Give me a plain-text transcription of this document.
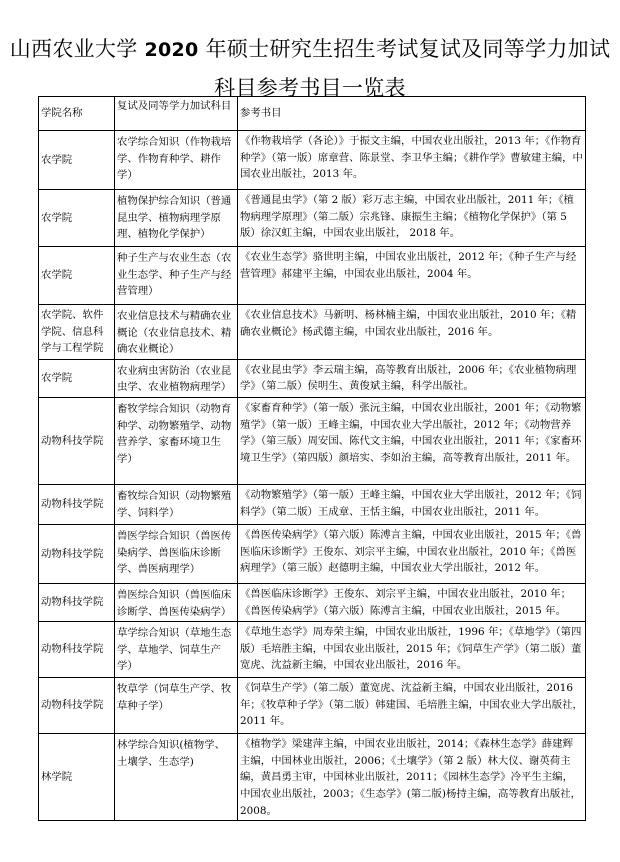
山西农业大学 2020 年硕士研究生招生考试复试及同等学力加试科目参考书目一览表
学院名称	复试及同等学力加试科目	参考书目
农学院	农学综合知识（作物栽培学、作物育种学、耕作学）	《作物栽培学（各论）》于振文主编，中国农业出版社，2013 年；《作物育种学》（第一版）席章营、陈景堂、李卫华主编；《耕作学》曹敏建主编，中国农业出版社，2013 年。
农学院	植物保护综合知识（普通昆虫学、植物病理学原理、植物化学保护）	《普通昆虫学》（第 2 版）彩万志主编，中国农业出版社，2011 年；《植物病理学原理》（第二版）宗兆锋、康振生主编；《植物化学保护》（第 5 版）徐汉虹主编，中国农业出版社， 2018 年。
农学院	种子生产与农业生态（农业生态学、种子生产与经营管理）	《农业生态学》骆世明主编，中国农业出版社，2012 年；《种子生产与经营管理》郝建平主编，中国农业出版社，2004 年。
农学院、软件学院、信息科学与工程学院	农业信息技术与精确农业概论（农业信息技术、精确农业概论）	《农业信息技术》马新明、杨林楠主编，中国农业出版社，2010 年；《精确农业概论》杨武德主编，中国农业出版社，2016 年。
农学院	农业病虫害防治（农业昆虫学、农业植物病理学）	《农业昆虫学》李云瑞主编，高等教育出版社，2006 年；《农业植物病理学》（第二版）侯明生、黄俊斌主编，科学出版社。
动物科技学院	畜牧学综合知识（动物育种学、动物繁殖学、动物营养学、家畜环境卫生学）	《家畜育种学》（第一版）张沅主编，中国农业出版社，2001 年；《动物繁殖学》（第一版）王峰主编，中国农业大学出版社，2012 年；《动物营养学》（第三版）周安国、陈代文主编，中国农业出版社，2011 年；《家畜环境卫生学》（第四版）颜培实、李如治主编，高等教育出版社，2011 年。
动物科技学院	畜牧综合知识（动物繁殖学、饲料学）	《动物繁殖学》（第一版）王峰主编，中国农业大学出版社，2012 年；《饲料学》（第二版）王成章、王恬主编，中国农业出版社，2011 年。
动物科技学院	兽医学综合知识（兽医传染病学、兽医临床诊断学、兽医病理学）	《兽医传染病学》（第六版）陈溥言主编，中国农业出版社，2015 年；《兽医临床诊断学》王俊东、刘宗平主编，中国农业出版社，2010 年；《兽医病理学》（第三版）赵德明主编，中国农业大学出版社，2012 年。
动物科技学院	兽医综合知识（兽医临床诊断学、兽医传染病学）	《兽医临床诊断学》王俊东、刘宗平主编，中国农业出版社，2010 年；《兽医传染病学》（第六版）陈溥言主编，中国农业出版社，2015 年。
动物科技学院	草学综合知识（草地生态学、草地学、饲草生产学）	《草地生态学》周寿荣主编，中国农业出版社，1996 年；《草地学》（第四版）毛培胜主编，中国农业出版社，2015 年；《饲草生产学》（第二版）董宽虎、沈益新主编，中国农业出版社，2016 年。
动物科技学院	牧草学（饲草生产学、牧草种子学）	《饲草生产学》（第二版）董宽虎、沈益新主编，中国农业出版社，2016 年；《牧草种子学》（第二版）韩建国、毛培胜主编，中国农业大学出版社，2011 年。
林学院	林学综合知识(植物学、土壤学、生态学)	《植物学》梁建萍主编，中国农业出版社，2014；《森林生态学》薛建辉主编，中国林业出版社，2006；《土壤学》（第 2 版）林大仪、谢英荷主编，黄昌勇主审，中国林业出版社，2011；《园林生态学》冷平生主编，中国农业出版社，2003；《生态学》(第二版)杨持主编，高等教育出版社，2008。
